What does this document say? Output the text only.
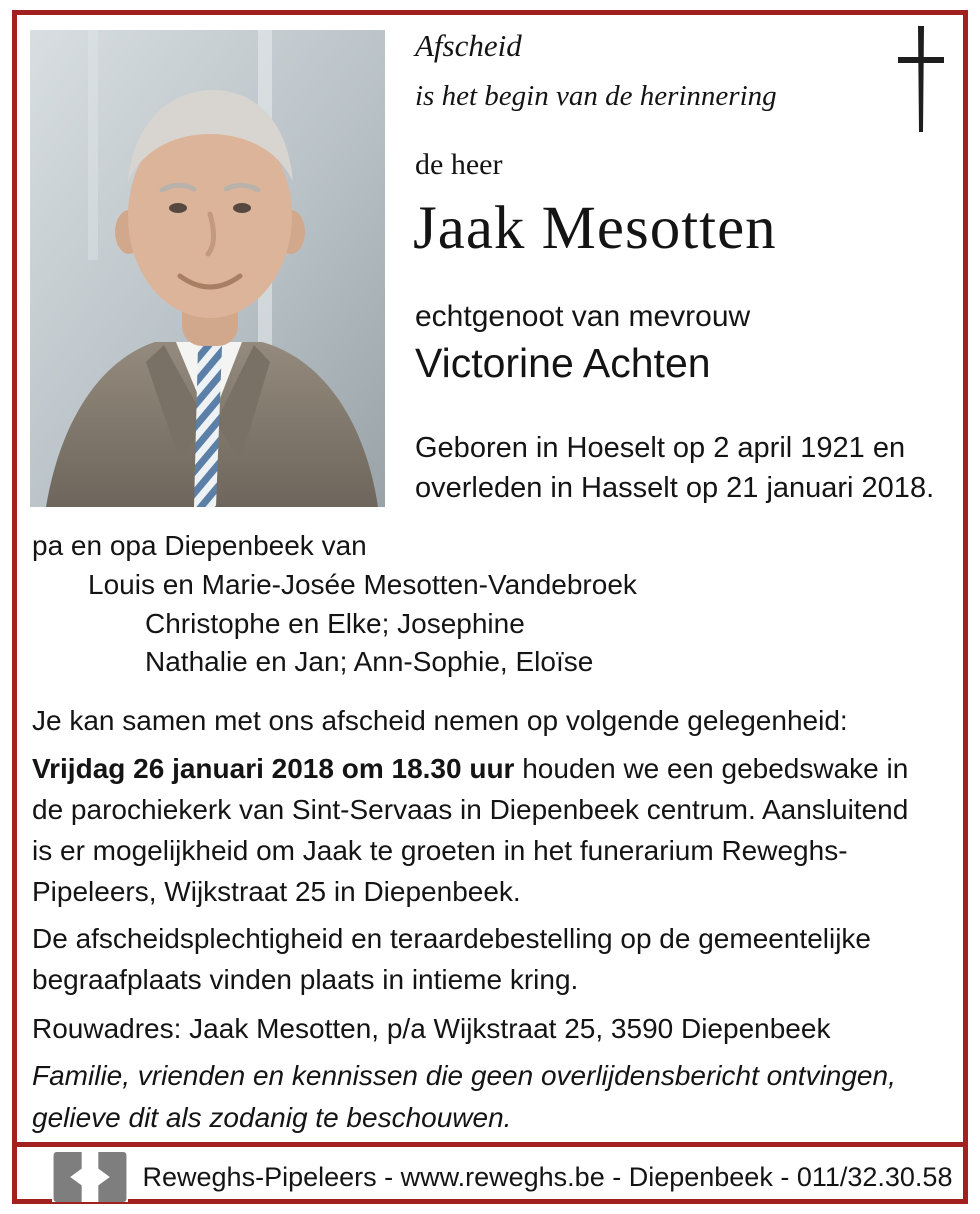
Afscheid
is het begin van de herinnering
de heer
Jaak Mesotten
echtgenoot van mevrouw
Victorine Achten
Geboren in Hoeselt op 2 april 1921 en overleden in Hasselt op 21 januari 2018.
pa en opa Diepenbeek van
Louis en Marie-Josée Mesotten-Vandebroek
Christophe en Elke; Josephine
Nathalie en Jan; Ann-Sophie, Eloïse

Je kan samen met ons afscheid nemen op volgende gelegenheid:

Vrijdag 26 januari 2018 om 18.30 uur houden we een gebedswake in de parochiekerk van Sint-Servaas in Diepenbeek centrum. Aansluitend is er mogelijkheid om Jaak te groeten in het funerarium Reweghs-Pipeleers, Wijkstraat 25 in Diepenbeek.

De afscheidsplechtigheid en teraardebestelling op de gemeentelijke begraafplaats vinden plaats in intieme kring.

Rouwadres: Jaak Mesotten, p/a Wijkstraat 25, 3590 Diepenbeek

Familie, vrienden en kennissen die geen overlijdensbericht ontvingen, gelieve dit als zodanig te beschouwen.

Reweghs-Pipeleers - www.reweghs.be - Diepenbeek - 011/32.30.58
